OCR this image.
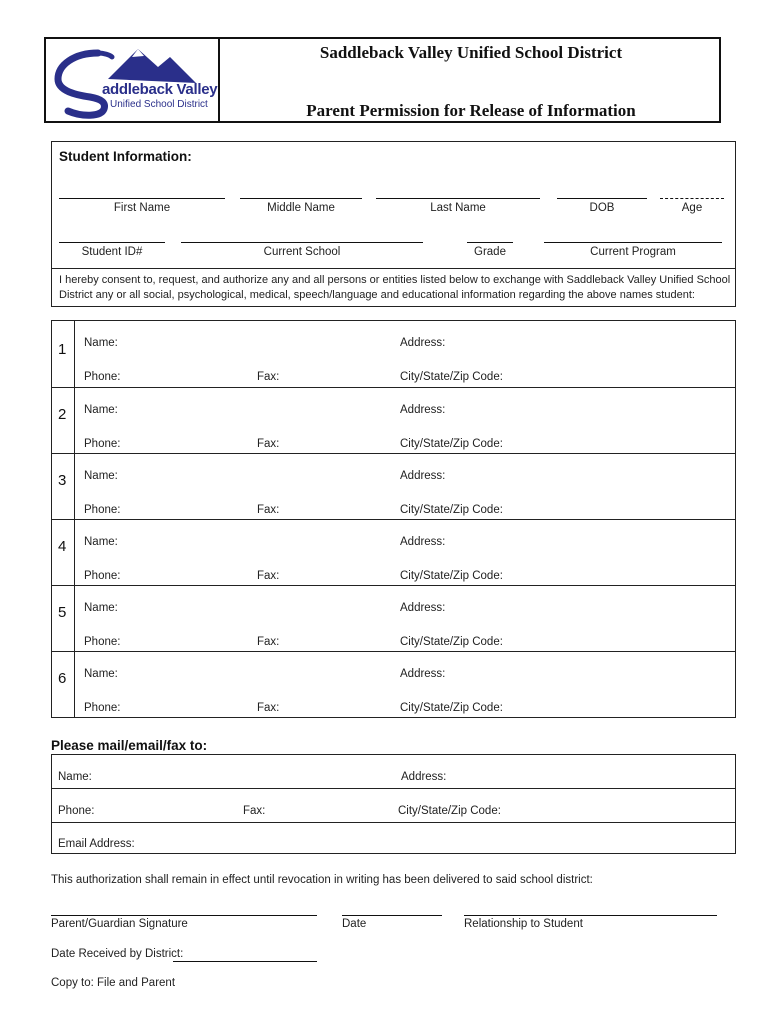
addleback Valley
Unified School District
Saddleback Valley Unified School District
Parent Permission for Release of Information
Student Information:
First Name	Middle Name	Last Name	DOB	Age
Student ID#	Current School	Grade	Current Program
I hereby consent to, request, and authorize any and all persons or entities listed below to exchange with Saddleback Valley Unified School District any or all social, psychological, medical, speech/language and educational information regarding the above names student:
1 Name:	Address:
Phone:	Fax:	City/State/Zip Code:
2 Name:	Address:
Phone:	Fax:	City/State/Zip Code:
3 Name:	Address:
Phone:	Fax:	City/State/Zip Code:
4 Name:	Address:
Phone:	Fax:	City/State/Zip Code:
5 Name:	Address:
Phone:	Fax:	City/State/Zip Code:
6 Name:	Address:
Phone:	Fax:	City/State/Zip Code:
Please mail/email/fax to:
Name:	Address:
Phone:	Fax:	City/State/Zip Code:
Email Address:
This authorization shall remain in effect until revocation in writing has been delivered to said school district:
Parent/Guardian Signature	Date	Relationship to Student
Date Received by District:
Copy to: File and Parent
